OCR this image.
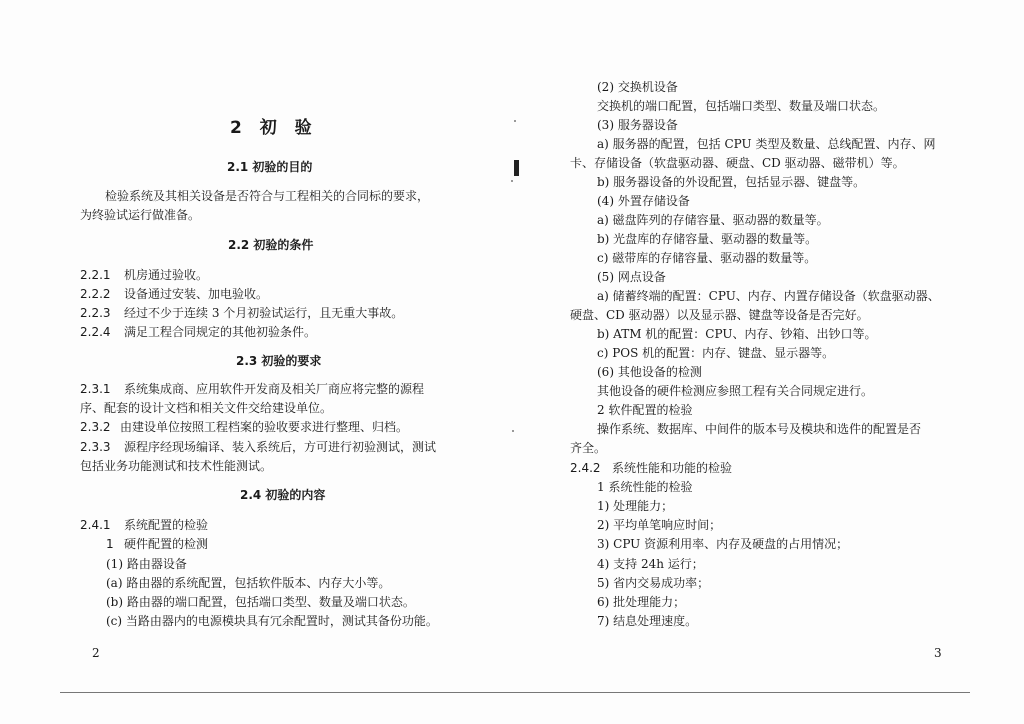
2 初 验
2.1 初验的目的
检验系统及其相关设备是否符合与工程相关的合同标的要求，
为终验试运行做准备。
2.2 初验的条件
2.2.1 机房通过验收。
2.2.2 设备通过安装、加电验收。
2.2.3 经过不少于连续 3 个月初验试运行，且无重大事故。
2.2.4 满足工程合同规定的其他初验条件。
2.3 初验的要求
2.3.1 系统集成商、应用软件开发商及相关厂商应将完整的源程
序、配套的设计文档和相关文件交给建设单位。
2.3.2 由建设单位按照工程档案的验收要求进行整理、归档。
2.3.3 源程序经现场编译、装入系统后，方可进行初验测试，测试
包括业务功能测试和技术性能测试。
2.4 初验的内容
2.4.1 系统配置的检验
1 硬件配置的检测
(1) 路由器设备
(a) 路由器的系统配置，包括软件版本、内存大小等。
(b) 路由器的端口配置，包括端口类型、数量及端口状态。
(c) 当路由器内的电源模块具有冗余配置时，测试其备份功能。
2
(2) 交换机设备
交换机的端口配置，包括端口类型、数量及端口状态。
(3) 服务器设备
a) 服务器的配置，包括 CPU 类型及数量、总线配置、内存、网
卡、存储设备（软盘驱动器、硬盘、CD 驱动器、磁带机）等。
b) 服务器设备的外设配置，包括显示器、键盘等。
(4) 外置存储设备
a) 磁盘阵列的存储容量、驱动器的数量等。
b) 光盘库的存储容量、驱动器的数量等。
c) 磁带库的存储容量、驱动器的数量等。
(5) 网点设备
a) 储蓄终端的配置：CPU、内存、内置存储设备（软盘驱动器、
硬盘、CD 驱动器）以及显示器、键盘等设备是否完好。
b) ATM 机的配置：CPU、内存、钞箱、出钞口等。
c) POS 机的配置：内存、键盘、显示器等。
(6) 其他设备的检测
其他设备的硬件检测应参照工程有关合同规定进行。
2 软件配置的检验
操作系统、数据库、中间件的版本号及模块和选件的配置是否
齐全。
2.4.2 系统性能和功能的检验
1 系统性能的检验
1) 处理能力；
2) 平均单笔响应时间；
3) CPU 资源利用率、内存及硬盘的占用情况；
4) 支持 24h 运行；
5) 省内交易成功率；
6) 批处理能力；
7) 结息处理速度。
3
